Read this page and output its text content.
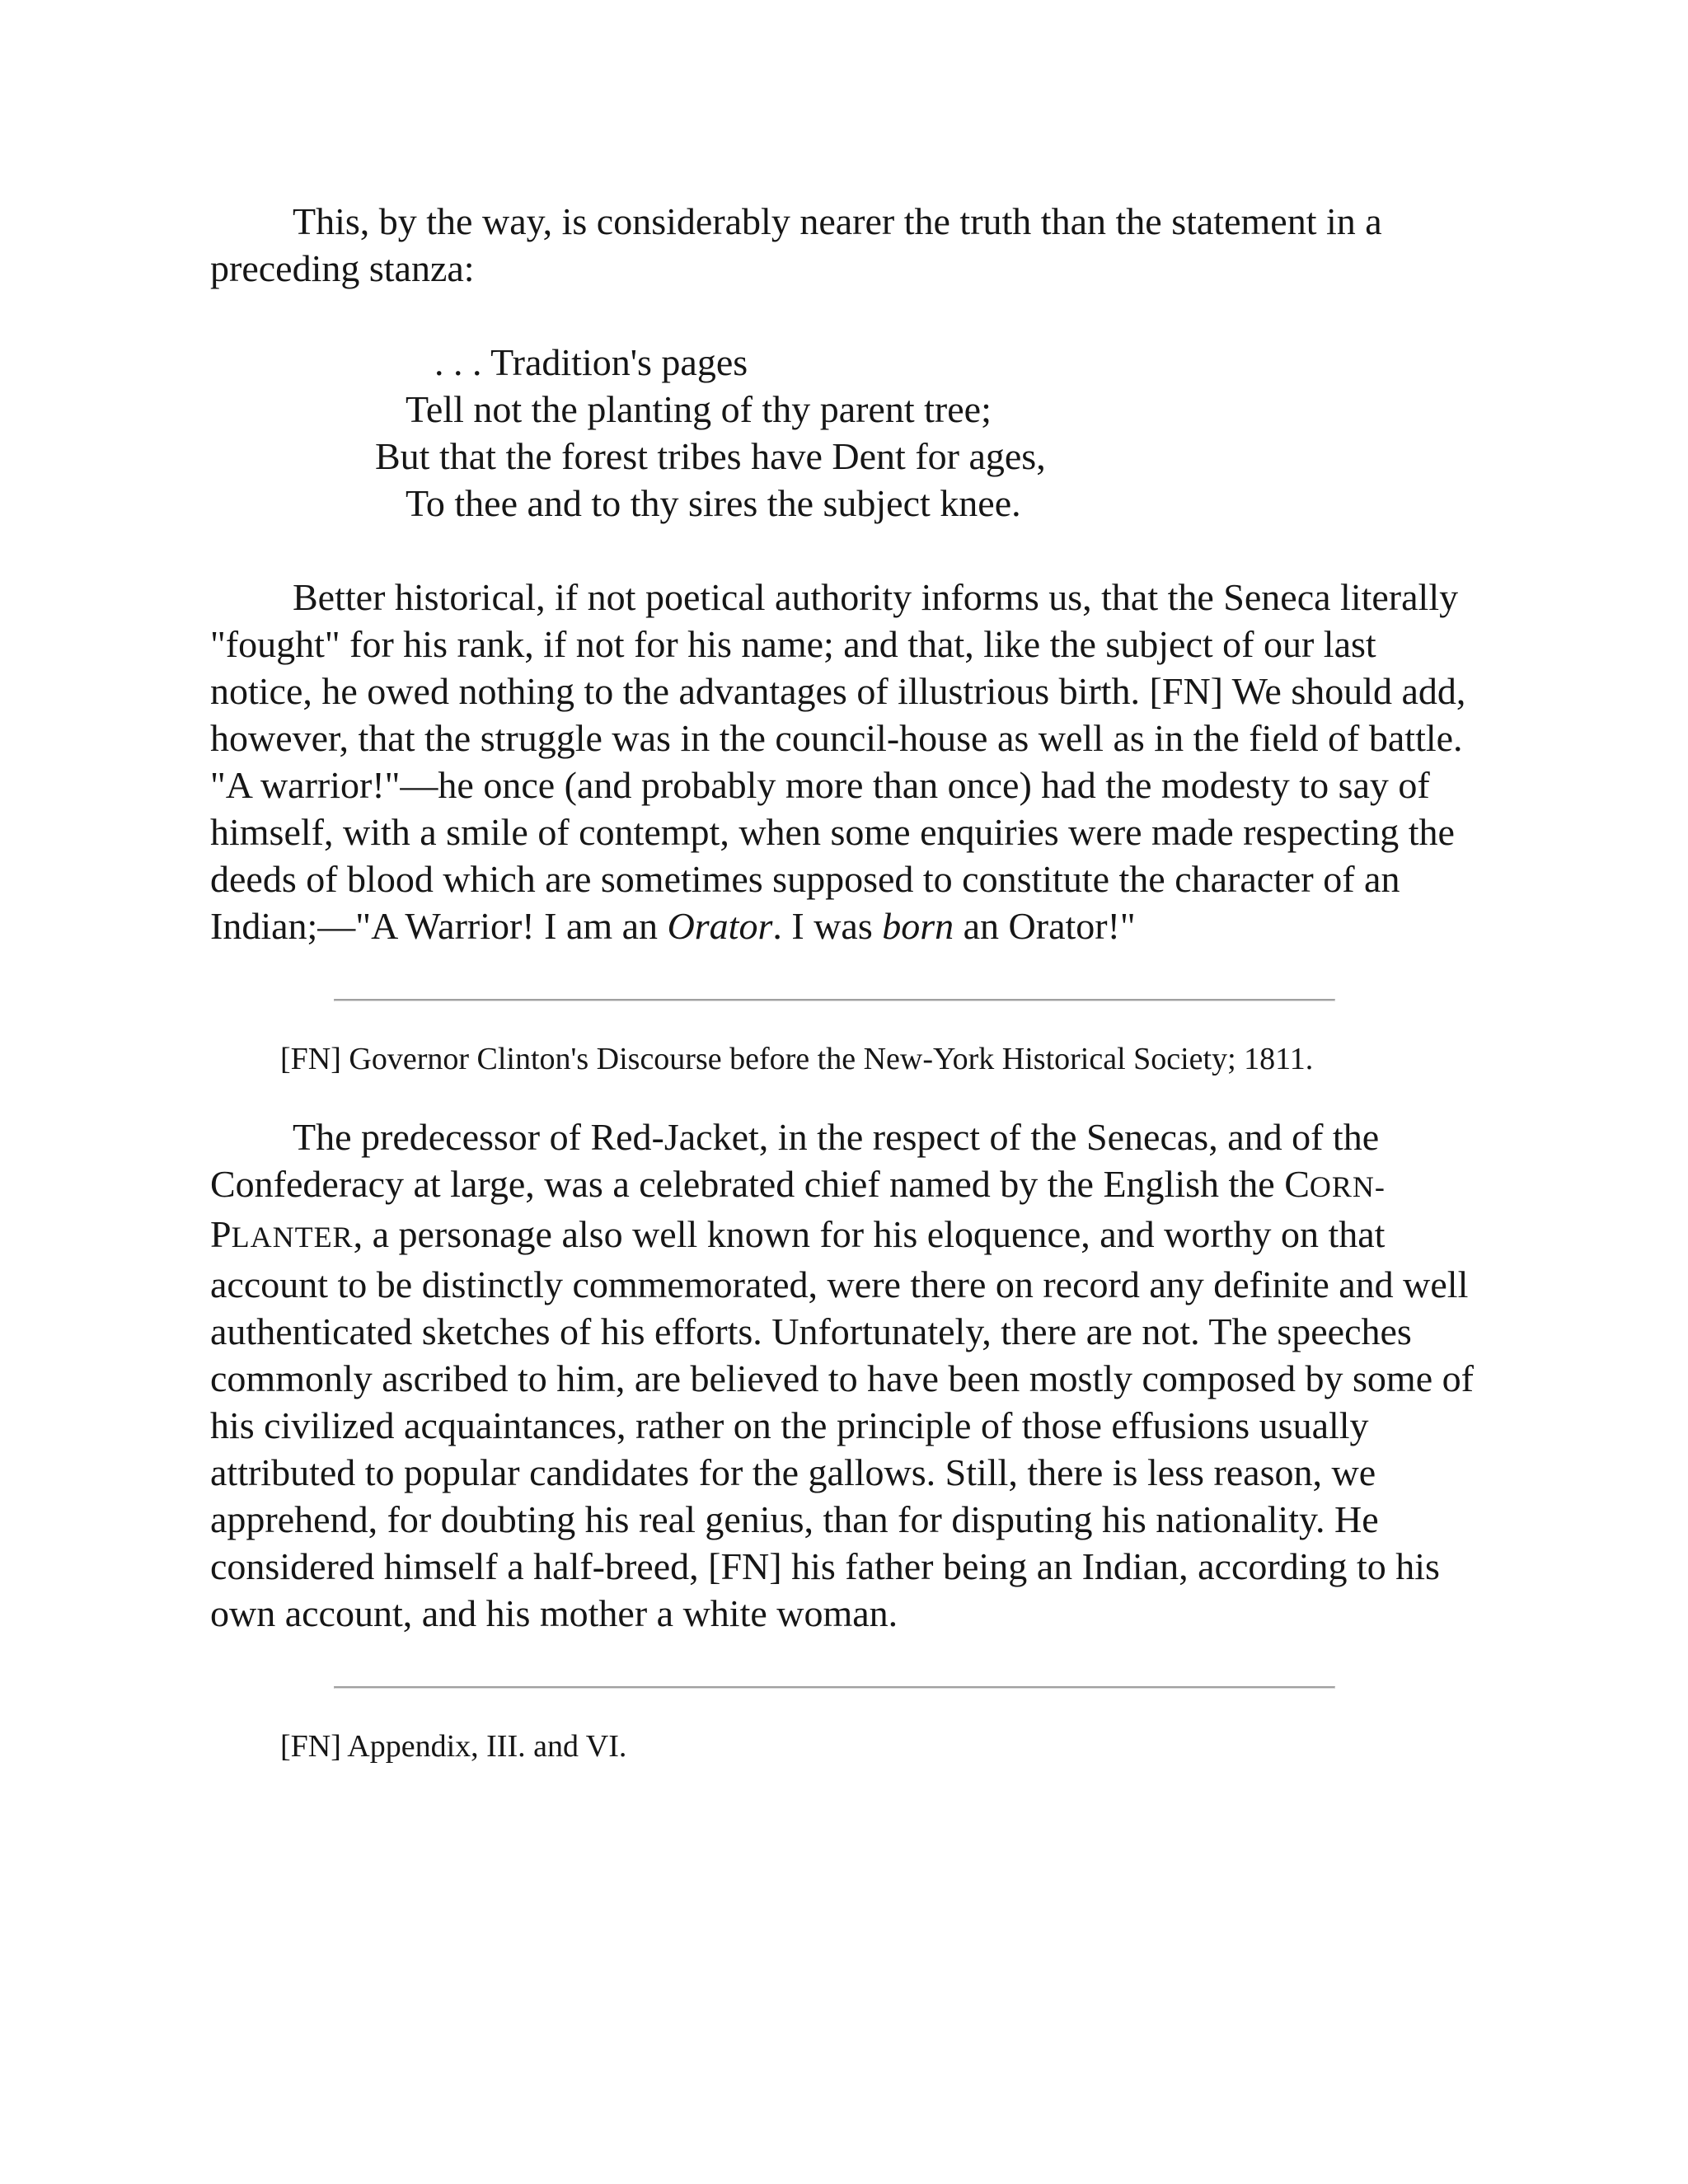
This, by the way, is considerably nearer the truth than the statement in a preceding stanza:

. . . Tradition's pages
Tell not the planting of thy parent tree;
But that the forest tribes have Dent for ages,
To thee and to thy sires the subject knee.

Better historical, if not poetical authority informs us, that the Seneca literally "fought" for his rank, if not for his name; and that, like the subject of our last notice, he owed nothing to the advantages of illustrious birth. [FN] We should add, however, that the struggle was in the council-house as well as in the field of battle. "A warrior!"—he once (and probably more than once) had the modesty to say of himself, with a smile of contempt, when some enquiries were made respecting the deeds of blood which are sometimes supposed to constitute the character of an Indian;—"A Warrior! I am an Orator. I was born an Orator!"

[FN] Governor Clinton's Discourse before the New-York Historical Society; 1811.

The predecessor of Red-Jacket, in the respect of the Senecas, and of the Confederacy at large, was a celebrated chief named by the English the CORN-PLANTER, a personage also well known for his eloquence, and worthy on that account to be distinctly commemorated, were there on record any definite and well authenticated sketches of his efforts. Unfortunately, there are not. The speeches commonly ascribed to him, are believed to have been mostly composed by some of his civilized acquaintances, rather on the principle of those effusions usually attributed to popular candidates for the gallows. Still, there is less reason, we apprehend, for doubting his real genius, than for disputing his nationality. He considered himself a half-breed, [FN] his father being an Indian, according to his own account, and his mother a white woman.

[FN] Appendix, III. and VI.
